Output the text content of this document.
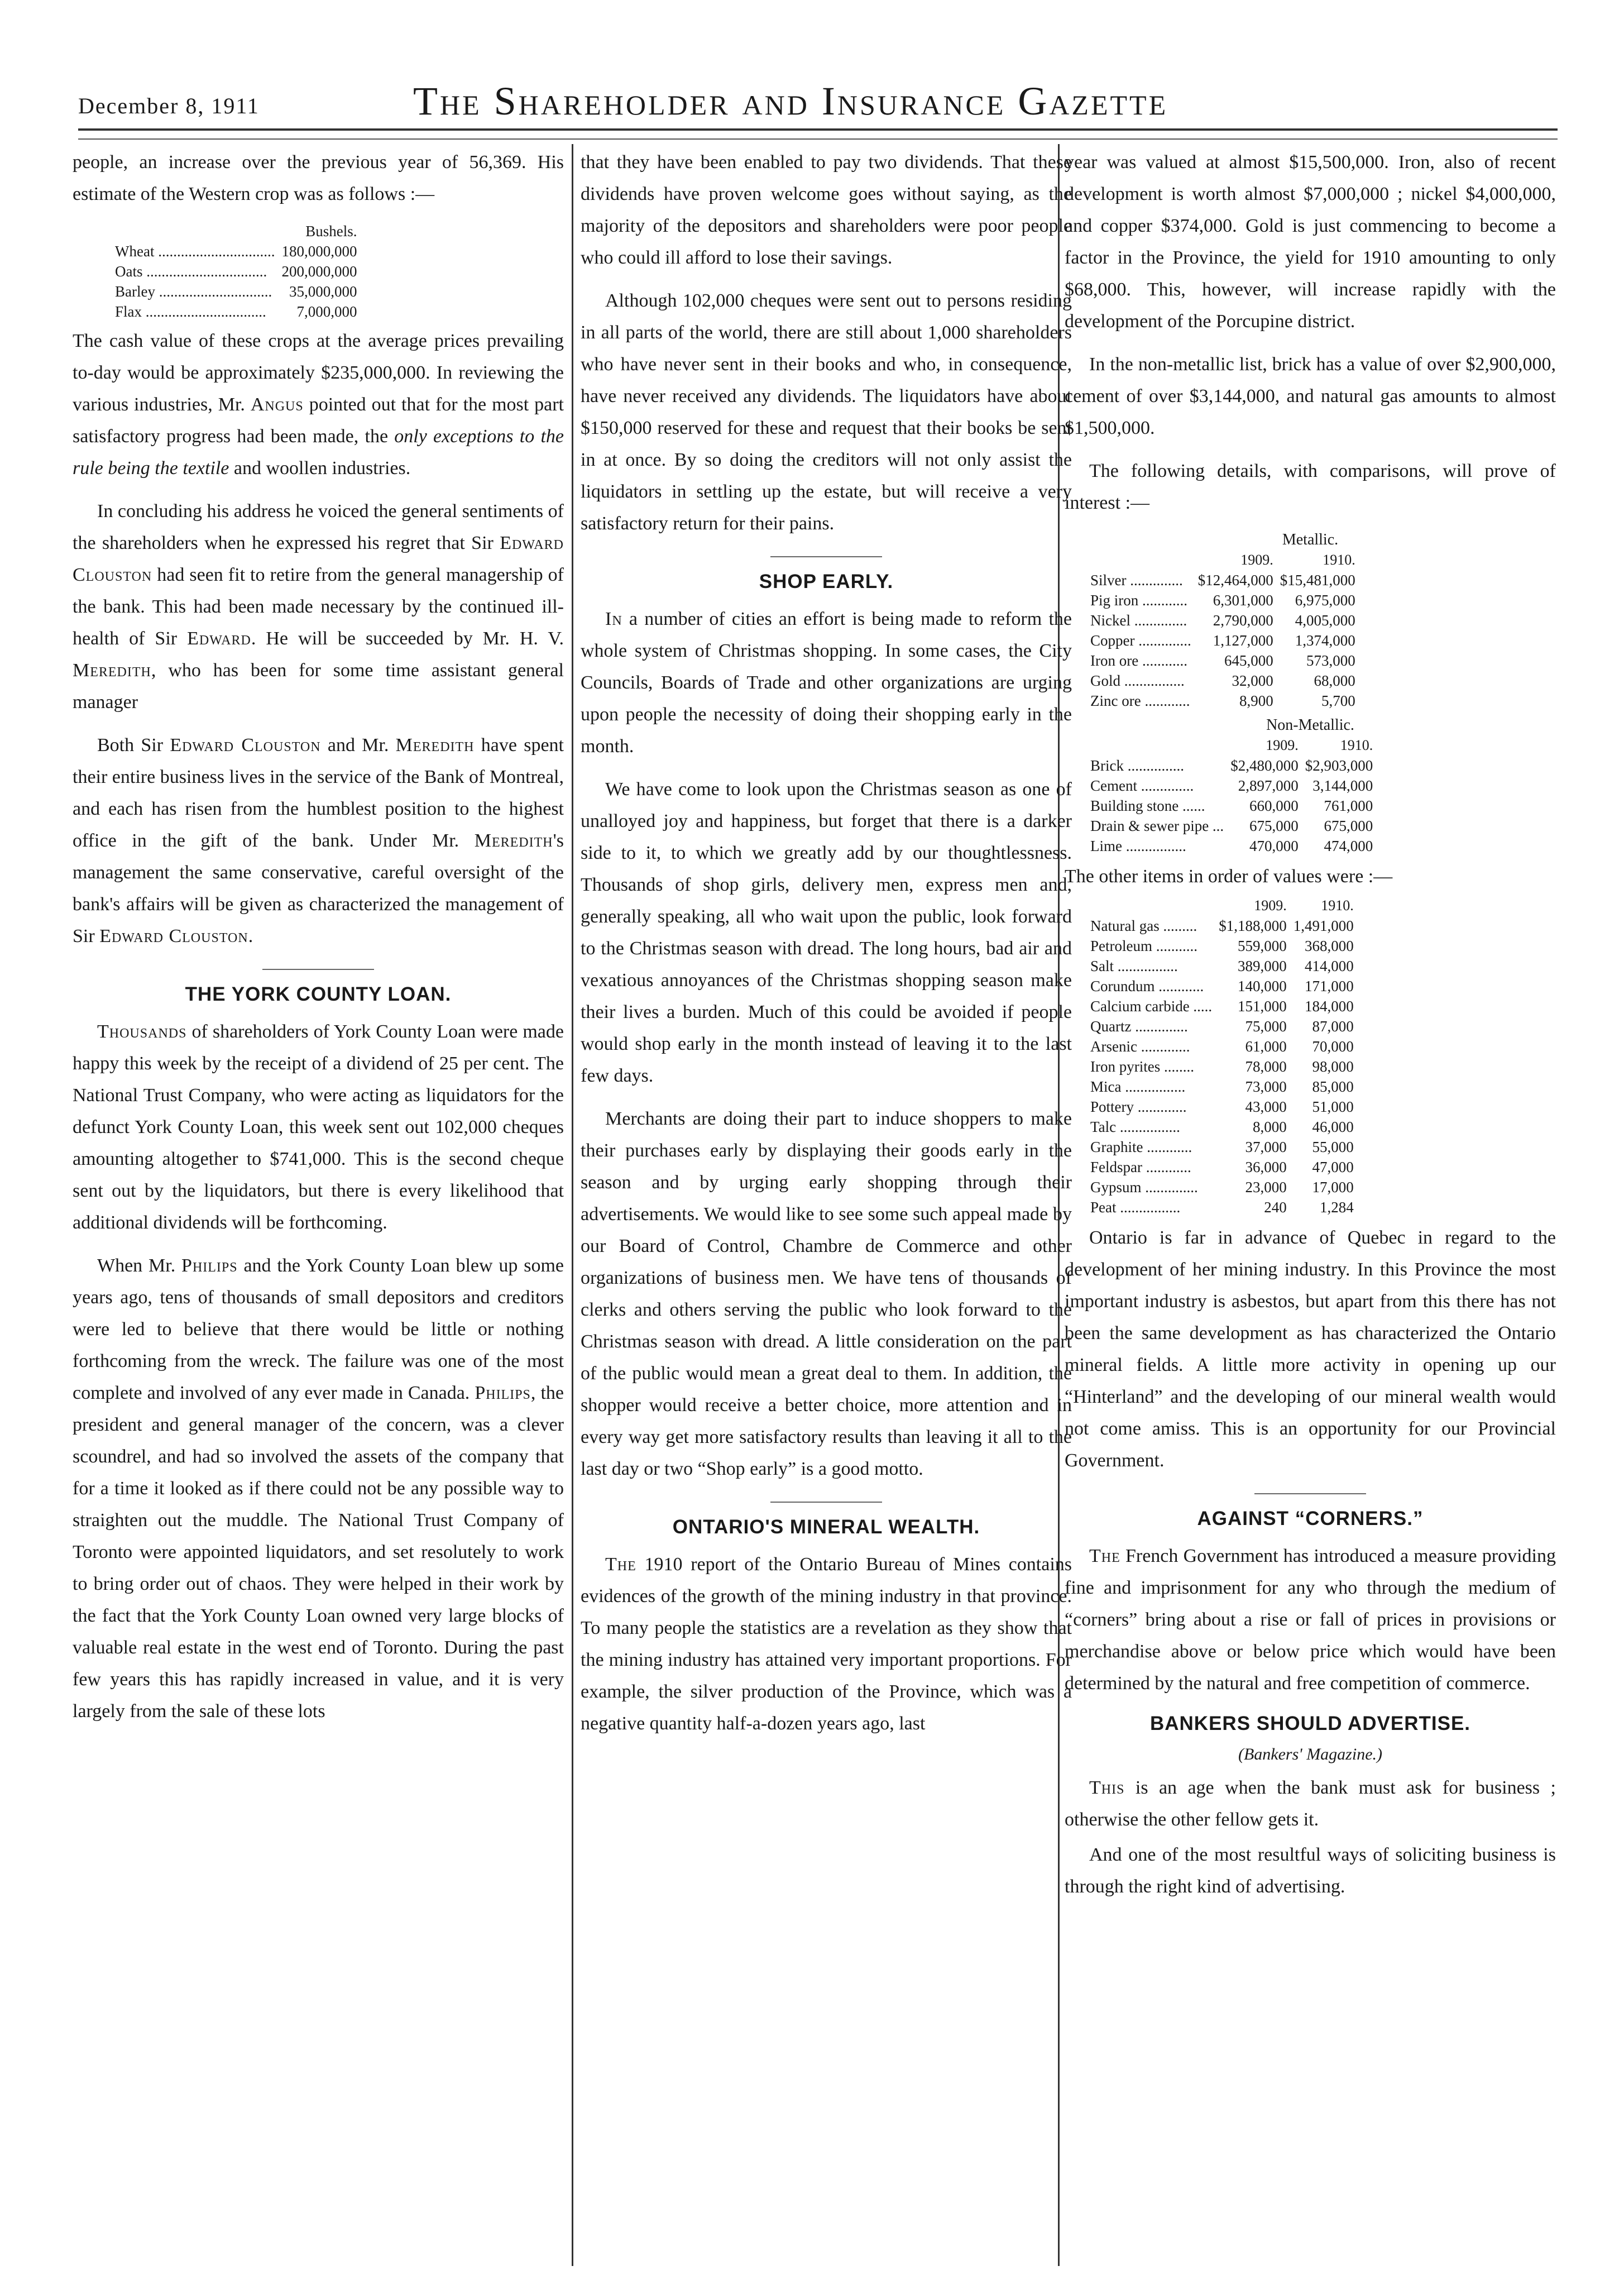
December 8, 1911	The Shareholder and Insurance Gazette

people, an increase over the previous year of 56,369. His estimate of the Western crop was as follows :—

	Bushels.
Wheat ...............................	180,000,000
Oats ................................	200,000,000
Barley ..............................	35,000,000
Flax ................................	7,000,000

The cash value of these crops at the average prices prevailing to-day would be approximately $235,000,000. In reviewing the various industries, Mr. Angus pointed out that for the most part satisfactory progress had been made, the only exceptions to the rule being the textile and woollen industries.

In concluding his address he voiced the general sentiments of the shareholders when he expressed his regret that Sir Edward Clouston had seen fit to retire from the general managership of the bank. This had been made necessary by the continued ill-health of Sir Edward. He will be succeeded by Mr. H. V. Meredith, who has been for some time assistant general manager

Both Sir Edward Clouston and Mr. Meredith have spent their entire business lives in the service of the Bank of Montreal, and each has risen from the humblest position to the highest office in the gift of the bank. Under Mr. Meredith's management the same conservative, careful oversight of the bank's affairs will be given as characterized the management of Sir Edward Clouston.

THE YORK COUNTY LOAN.

Thousands of shareholders of York County Loan were made happy this week by the receipt of a dividend of 25 per cent. The National Trust Company, who were acting as liquidators for the defunct York County Loan, this week sent out 102,000 cheques amounting altogether to $741,000. This is the second cheque sent out by the liquidators, but there is every likelihood that additional dividends will be forthcoming.

When Mr. Philips and the York County Loan blew up some years ago, tens of thousands of small depositors and creditors were led to believe that there would be little or nothing forthcoming from the wreck. The failure was one of the most complete and involved of any ever made in Canada. Philips, the president and general manager of the concern, was a clever scoundrel, and had so involved the assets of the company that for a time it looked as if there could not be any possible way to straighten out the muddle. The National Trust Company of Toronto were appointed liquidators, and set resolutely to work to bring order out of chaos. They were helped in their work by the fact that the York County Loan owned very large blocks of valuable real estate in the west end of Toronto. During the past few years this has rapidly increased in value, and it is very largely from the sale of these lots

that they have been enabled to pay two dividends. That these dividends have proven welcome goes without saying, as the majority of the depositors and shareholders were poor people who could ill afford to lose their savings.

Although 102,000 cheques were sent out to persons residing in all parts of the world, there are still about 1,000 shareholders who have never sent in their books and who, in consequence, have never received any dividends. The liquidators have about $150,000 reserved for these and request that their books be sent in at once. By so doing the creditors will not only assist the liquidators in settling up the estate, but will receive a very satisfactory return for their pains.

SHOP EARLY.

In a number of cities an effort is being made to reform the whole system of Christmas shopping. In some cases, the City Councils, Boards of Trade and other organizations are urging upon people the necessity of doing their shopping early in the month.

We have come to look upon the Christmas season as one of unalloyed joy and happiness, but forget that there is a darker side to it, to which we greatly add by our thoughtlessness. Thousands of shop girls, delivery men, express men and, generally speaking, all who wait upon the public, look forward to the Christmas season with dread. The long hours, bad air and vexatious annoyances of the Christmas shopping season make their lives a burden. Much of this could be avoided if people would shop early in the month instead of leaving it to the last few days.

Merchants are doing their part to induce shoppers to make their purchases early by displaying their goods early in the season and by urging early shopping through their advertisements. We would like to see some such appeal made by our Board of Control, Chambre de Commerce and other organizations of business men. We have tens of thousands of clerks and others serving the public who look forward to the Christmas season with dread. A little consideration on the part of the public would mean a great deal to them. In addition, the shopper would receive a better choice, more attention and in every way get more satisfactory results than leaving it all to the last day or two “Shop early” is a good motto.

ONTARIO'S MINERAL WEALTH.

The 1910 report of the Ontario Bureau of Mines contains evidences of the growth of the mining industry in that province. To many people the statistics are a revelation as they show that the mining industry has attained very important proportions. For example, the silver production of the Province, which was a negative quantity half-a-dozen years ago, last

year was valued at almost $15,500,000. Iron, also of recent development is worth almost $7,000,000 ; nickel $4,000,000, and copper $374,000. Gold is just commencing to become a factor in the Province, the yield for 1910 amounting to only $68,000. This, however, will increase rapidly with the development of the Porcupine district.

In the non-metallic list, brick has a value of over $2,900,000, cement of over $3,144,000, and natural gas amounts to almost $1,500,000.

The following details, with comparisons, will prove of interest :—

Metallic.
	1909.	1910.
Silver ..............	$12,464,000	$15,481,000
Pig iron ............	6,301,000	6,975,000
Nickel ..............	2,790,000	4,005,000
Copper ..............	1,127,000	1,374,000
Iron ore ............	645,000	573,000
Gold ................	32,000	68,000
Zinc ore ............	8,900	5,700
Non-Metallic.
	1909.	1910.
Brick ...............	$2,480,000	$2,903,000
Cement ..............	2,897,000	3,144,000
Building stone ......	660,000	761,000
Drain & sewer pipe ...	675,000	675,000
Lime ................	470,000	474,000

The other items in order of values were :—

	1909.	1910.
Natural gas .........	$1,188,000	1,491,000
Petroleum ...........	559,000	368,000
Salt ................	389,000	414,000
Corundum ............	140,000	171,000
Calcium carbide .....	151,000	184,000
Quartz ..............	75,000	87,000
Arsenic .............	61,000	70,000
Iron pyrites ........	78,000	98,000
Mica ................	73,000	85,000
Pottery .............	43,000	51,000
Talc ................	8,000	46,000
Graphite ............	37,000	55,000
Feldspar ............	36,000	47,000
Gypsum ..............	23,000	17,000
Peat ................	240	1,284

Ontario is far in advance of Quebec in regard to the development of her mining industry. In this Province the most important industry is asbestos, but apart from this there has not been the same development as has characterized the Ontario mineral fields. A little more activity in opening up our “Hinterland” and the developing of our mineral wealth would not come amiss. This is an opportunity for our Provincial Government.

AGAINST “CORNERS.”

The French Government has introduced a measure providing fine and imprisonment for any who through the medium of “corners” bring about a rise or fall of prices in provisions or merchandise above or below price which would have been determined by the natural and free competition of commerce.

BANKERS SHOULD ADVERTISE.
(Bankers' Magazine.)

This is an age when the bank must ask for business ; otherwise the other fellow gets it.

And one of the most resultful ways of soliciting business is through the right kind of advertising.
